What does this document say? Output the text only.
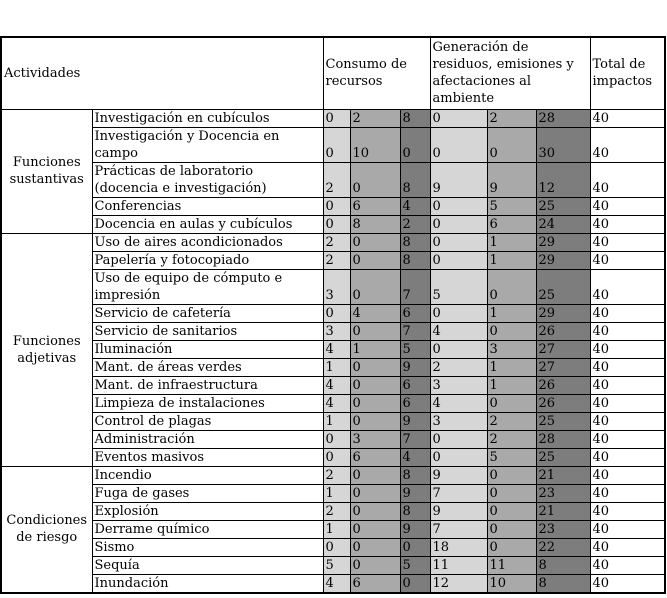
Actividades		Consumo de recursos			Generación de residuos, emisiones y afectaciones al ambiente			Total de impactos
Funciones sustantivas	Investigación en cubículos	0	2	8	0	2	28	40
	Investigación y Docencia en campo	0	10	0	0	0	30	40
	Prácticas de laboratorio (docencia e investigación)	2	0	8	9	9	12	40
	Conferencias	0	6	4	0	5	25	40
	Docencia en aulas y cubículos	0	8	2	0	6	24	40
Funciones adjetivas	Uso de aires acondicionados	2	0	8	0	1	29	40
	Papelería y fotocopiado	2	0	8	0	1	29	40
	Uso de equipo de cómputo e impresión	3	0	7	5	0	25	40
	Servicio de cafetería	0	4	6	0	1	29	40
	Servicio de sanitarios	3	0	7	4	0	26	40
	Iluminación	4	1	5	0	3	27	40
	Mant. de áreas verdes	1	0	9	2	1	27	40
	Mant. de infraestructura	4	0	6	3	1	26	40
	Limpieza de instalaciones	4	0	6	4	0	26	40
	Control de plagas	1	0	9	3	2	25	40
	Administración	0	3	7	0	2	28	40
	Eventos masivos	0	6	4	0	5	25	40
Condiciones de riesgo	Incendio	2	0	8	9	0	21	40
	Fuga de gases	1	0	9	7	0	23	40
	Explosión	2	0	8	9	0	21	40
	Derrame químico	1	0	9	7	0	23	40
	Sismo	0	0	0	18	0	22	40
	Sequía	5	0	5	11	11	8	40
	Inundación	4	6	0	12	10	8	40
